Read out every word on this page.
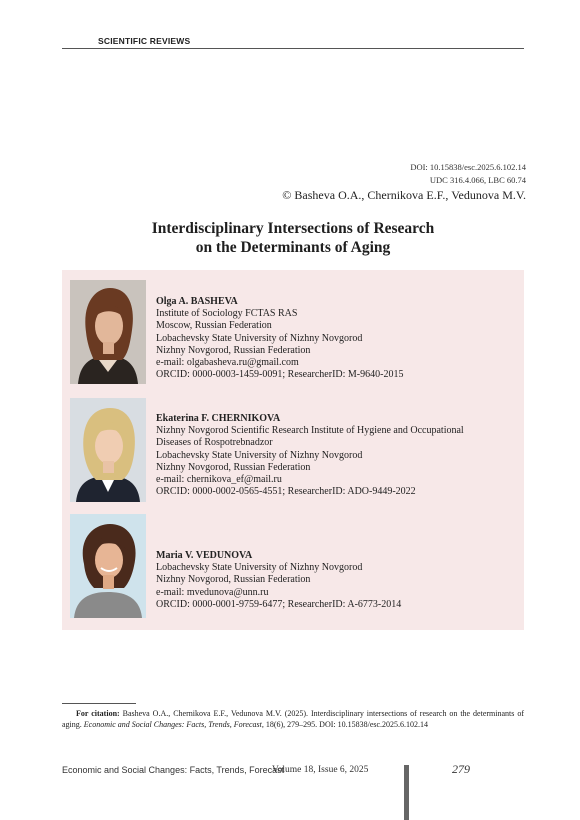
SCIENTIFIC REVIEWS
DOI: 10.15838/esc.2025.6.102.14
UDC 316.4.066, LBC 60.74
© Basheva O.A., Chernikova E.F., Vedunova M.V.
Interdisciplinary Intersections of Research
on the Determinants of Aging
Olga A. BASHEVA
Institute of Sociology FCTAS RAS
Moscow, Russian Federation
Lobachevsky State University of Nizhny Novgorod
Nizhny Novgorod, Russian Federation
e-mail: olgabasheva.ru@gmail.com
ORCID: 0000-0003-1459-0091; ResearcherID: M-9640-2015
Ekaterina F. CHERNIKOVA
Nizhny Novgorod Scientific Research Institute of Hygiene and Occupational
Diseases of Rospotrebnadzor
Lobachevsky State University of Nizhny Novgorod
Nizhny Novgorod, Russian Federation
e-mail: chernikova_ef@mail.ru
ORCID: 0000-0002-0565-4551; ResearcherID: ADO-9449-2022
Maria V. VEDUNOVA
Lobachevsky State University of Nizhny Novgorod
Nizhny Novgorod, Russian Federation
e-mail: mvedunova@unn.ru
ORCID: 0000-0001-9759-6477; ResearcherID: A-6773-2014
For citation: Basheva O.A., Chernikova E.F., Vedunova M.V. (2025). Interdisciplinary intersections of research on the determinants of aging. Economic and Social Changes: Facts, Trends, Forecast, 18(6), 279–295. DOI: 10.15838/esc.2025.6.102.14
Economic and Social Changes: Facts, Trends, Forecast
Volume 18, Issue 6, 2025	279
